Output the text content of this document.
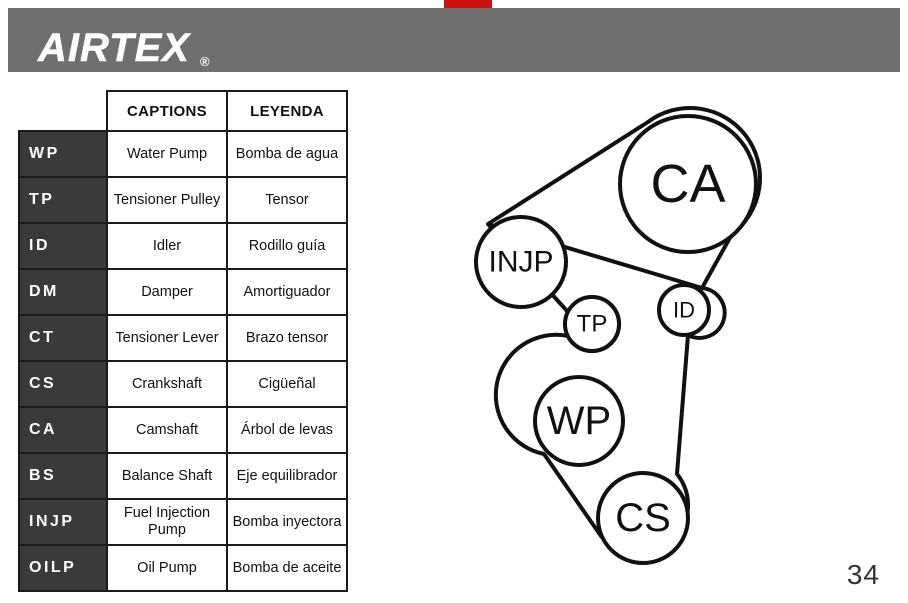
AIRTEX ®
	CAPTIONS	LEYENDA
WP	Water Pump	Bomba de agua
TP	Tensioner Pulley	Tensor
ID	Idler	Rodillo guía
DM	Damper	Amortiguador
CT	Tensioner Lever	Brazo tensor
CS	Crankshaft	Cigüeñal
CA	Camshaft	Árbol de levas
BS	Balance Shaft	Eje equilibrador
INJP	Fuel Injection Pump	Bomba inyectora
OILP	Oil Pump	Bomba de aceite
CA
INJP
TP
ID
WP
CS
34
